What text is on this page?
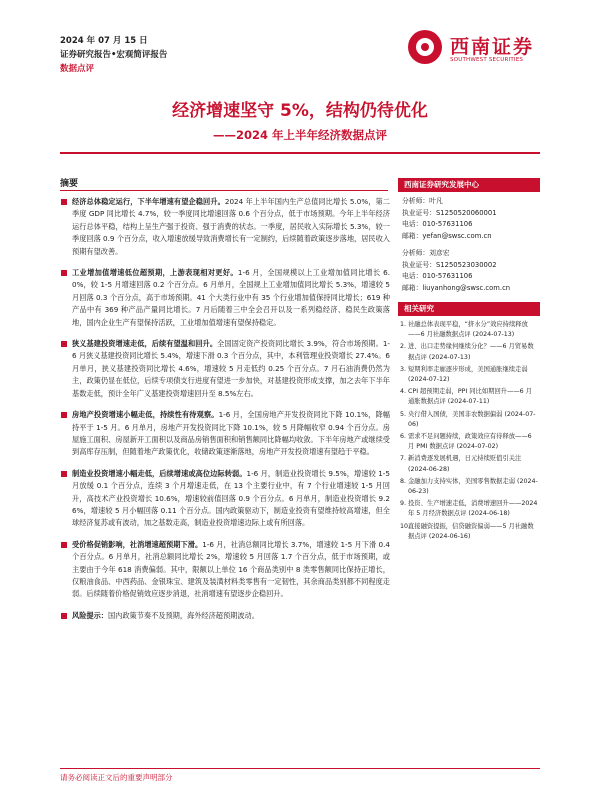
2024 年 07 月 15 日
证券研究报告•宏观简评报告
数据点评
西南证券
SOUTHWEST SECURITIES
经济增速坚守 5%，结构仍待优化
——2024 年上半年经济数据点评
摘要
经济总体稳定运行，下半年增速有望企稳回升。2024 年上半年国内生产总值同比增长 5.0%，第二季度 GDP 同比增长 4.7%，较一季度同比增速回落 0.6 个百分点，低于市场预期。今年上半年经济运行总体平稳，结构上呈生产强于投资、强于消费的状态。一季度，居民收入实际增长 5.3%，较一季度回落 0.9 个百分点，收入增速放缓导致消费增长有一定制约，后续随着政策逐步落地，居民收入预期有望改善。
工业增加值增速低位超预期，上游表现相对更好。1-6 月，全国规模以上工业增加值同比增长 6.0%，较 1-5 月增速回落 0.2 个百分点。6 月单月，全国规上工业增加值同比增长 5.3%，增速较 5 月回落 0.3 个百分点，高于市场预期。41 个大类行业中有 35 个行业增加值保持同比增长；619 种产品中有 369 种产品产量同比增长。7 月后随着三中全会召开以及一系列稳经济、稳民生政策落地，国内企业生产有望保持活跃，工业增加值增速有望保持稳定。
狭义基建投资增速走低，后续有望温和回升。全国固定资产投资同比增长 3.9%，符合市场预期。1-6 月狭义基建投资同比增长 5.4%，增速下滑 0.3 个百分点，其中，本利管理业投资增长 27.4%。6 月单月，狭义基建投资同比增长 4.6%，增速较 5 月走低约 0.25 个百分点。7 月石油消费仍然为主，政策仍显在低位，后续专项债支行进度有望进一步加快，对基建投资形成支撑，加之去年下半年基数走低，预计全年广义基建投资增速回升至 8.5%左右。
房地产投资增速小幅走低，持续性有待观察。1-6 月，全国房地产开发投资同比下降 10.1%，降幅持平于 1-5 月。6 月单月，房地产开发投资同比下降 10.1%，较 5 月降幅收窄 0.94 个百分点。房屋施工面积、房屋新开工面积以及商品房销售面积和销售额同比降幅均收敛。下半年房地产或继续受到高库存压制，但随着地产政策优化，收储政策逐渐落地，房地产开发投资增速有望趋于平稳。
制造业投资增速小幅走低，后续增速或高位边际转弱。1-6 月，制造业投资增长 9.5%，增速较 1-5 月放缓 0.1 个百分点，连续 3 个月增速走低，在 13 个主要行业中，有 7 个行业增速较 1-5 月回升，高技术产业投资增长 10.6%，增速较前值回落 0.9 个百分点。6 月单月，制造业投资增长 9.26%，增速较 5 月小幅回落 0.11 个百分点。国内政策驱动下，制造业投资有望维持较高增速，但全球经济复苏或有波动，加之基数走高，制造业投资增速边际上或有所回落。
受价格促销影响，社消增速超预期下滑。1-6 月，社消总额同比增长 3.7%，增速较 1-5 月下滑 0.4 个百分点。6 月单月，社消总额同比增长 2%，增速较 5 月回落 1.7 个百分点，低于市场预期，或主要由于今年 618 消费偏弱。其中，限额以上单位 16 个商品类别中 8 类零售额同比保持正增长，仅粮油食品、中西药品、金银珠宝、建筑及装潢材料类零售有一定韧性，其余商品类别都不同程度走弱。后续随着价格促销效应逐步消退，社消增速有望逐步企稳回升。
风险提示：国内政策节奏不及预期，海外经济超预期波动。
西南证券研究发展中心
分析师：叶凡
执业证号：S1250520060001
电话：010-57631106
邮箱：yefan@swsc.com.cn
分析师：刘彦宏
执业证号：S1250523030002
电话：010-57631106
邮箱：liuyanhong@swsc.com.cn
相关研究
1. 社融总体表现平稳，“挤水分”效应持续释放——6 月社融数据点评 (2024-07-13)
2. 进、出口走势缘何继续分化？——6 月贸易数据点评 (2024-07-13)
3. 短期利率走廊逐步形成，美国通胀继续走弱 (2024-07-12)
4. CPI 超预期走弱，PPI 同比如期回升——6 月通胀数据点评 (2024-07-11)
5. 央行借入国债，美国非农数据偏弱 (2024-07-06)
6. 需求不足问题持续，政策效应有待释放——6 月 PMI 数据点评 (2024-07-02)
7. 新消费逐发展机遇，日元持续贬值引关注 (2024-06-28)
8. 金融加力支持实体，美国零售数据走弱 (2024-06-23)
9. 投资、生产增速走低，消费增速回升——2024 年 5 月经济数据点评 (2024-06-18)
10.
直接融资提振，信贷融资偏弱——5 月社融数据点评 (2024-06-16)
请务必阅读正文后的重要声明部分
